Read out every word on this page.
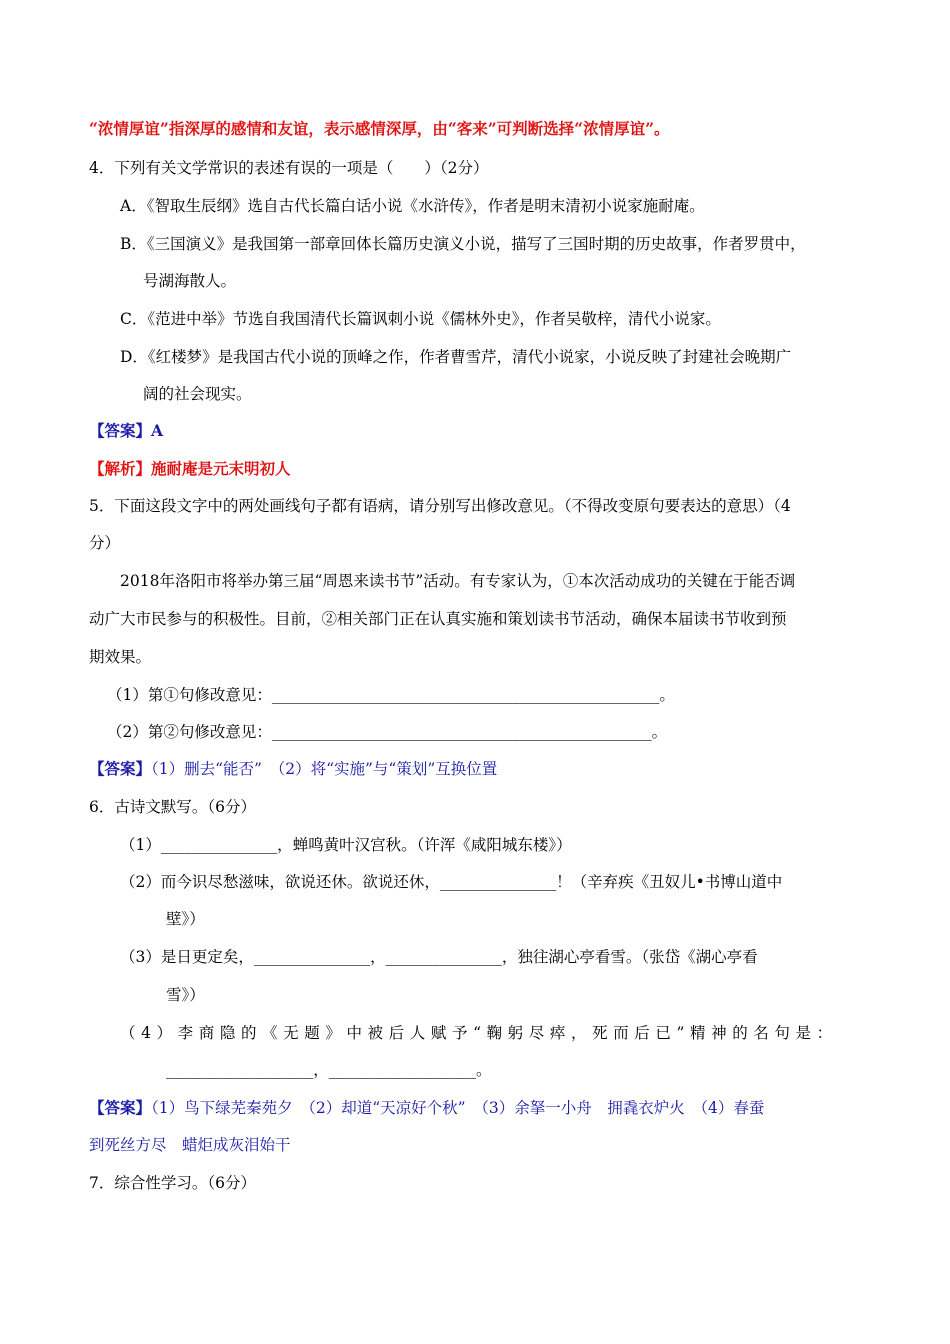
“浓情厚谊”指深厚的感情和友谊，表示感情深厚，由“客来”可判断选择“浓情厚谊”。
4．下列有关文学常识的表述有误的一项是（　　）（2分）
A．《智取生辰纲》选自古代长篇白话小说《水浒传》，作者是明末清初小说家施耐庵。
B．《三国演义》是我国第一部章回体长篇历史演义小说，描写了三国时期的历史故事，作者罗贯中，
号湖海散人。
C．《范进中举》节选自我国清代长篇讽刺小说《儒林外史》，作者吴敬梓，清代小说家。
D．《红楼梦》是我国古代小说的顶峰之作，作者曹雪芹，清代小说家，小说反映了封建社会晚期广
阔的社会现实。
【答案】A
【解析】施耐庵是元末明初人
5．下面这段文字中的两处画线句子都有语病，请分别写出修改意见。（不得改变原句要表达的意思）（4
分）
2018年洛阳市将举办第三届“周恩来读书节”活动。有专家认为，①本次活动成功的关键在于能否调
动广大市民参与的积极性。目前，②相关部门正在认真实施和策划读书节活动，确保本届读书节收到预
期效果。
（1）第①句修改意见：__________________________________________________。
（2）第②句修改意见：_________________________________________________。
【答案】（1）删去“能否”　（2）将“实施”与“策划”互换位置
6．古诗文默写。（6分）
（1）_______________，蝉鸣黄叶汉宫秋。（许浑《咸阳城东楼》）
（2）而今识尽愁滋味，欲说还休。欲说还休，_______________！（辛弃疾《丑奴儿•书博山道中
壁》）
（3）是日更定矣，_______________，_______________，独往湖心亭看雪。（张岱《湖心亭看
雪》）
（4）李商隐的《无题》中被后人赋予“鞠躬尽瘁，死而后已”精神的名句是：
___________________，___________________。
【答案】（1）鸟下绿芜秦苑夕　（2）却道“天凉好个秋”　（3）余拏一小舟　拥毳衣炉火　（4）春蚕
到死丝方尽　蜡炬成灰泪始干
7．综合性学习。（6分）
